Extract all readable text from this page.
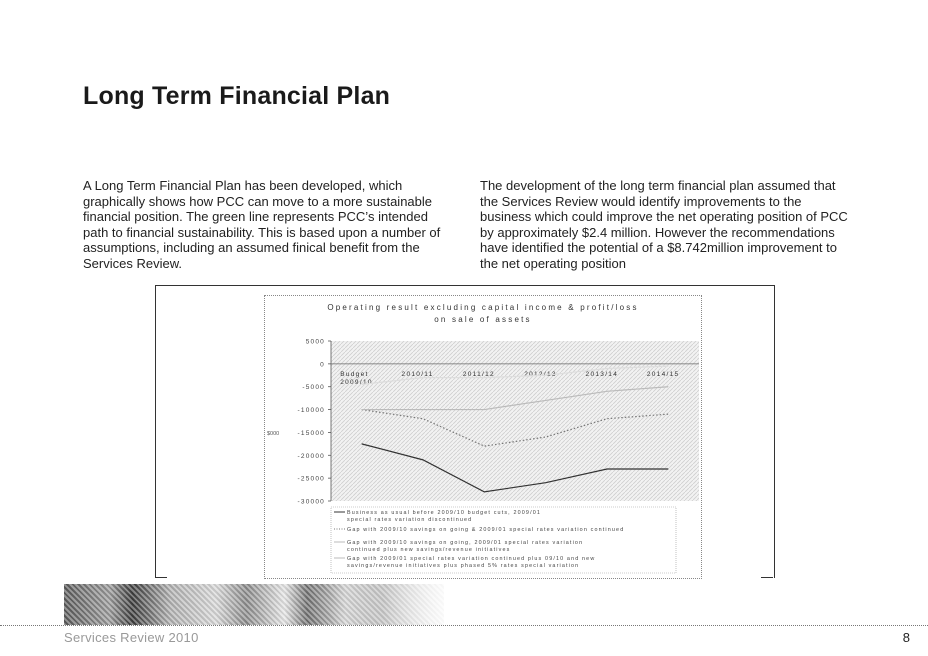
Long Term Financial Plan
A Long Term Financial Plan has been developed, which graphically shows how PCC can move to a more sustainable financial position. The green line represents PCC’s intended path to financial sustainability. This is based upon a number of assumptions, including an assumed finical benefit from the Services Review.
The development of the long term financial plan assumed that the Services Review would identify improvements to the business which could improve the net operating position of PCC by approximately $2.4 million. However the recommendations have identified the potential of a $8.742million improvement to the net operating position
Operating result excluding capital income & profit/loss
on sale of assets
5000
0
-5000
-10000
-15000
-20000
-25000
-30000
$000
Budget 2009/10
2010/11	2011/12	2012/13	2013/14	2014/15
Business as usual before 2009/10 budget cuts, 2009/01 special rates variation discontinued
Gap with 2009/10 savings on going & 2009/01 special rates variation continued
Gap with 2009/10 savings on going, 2009/01 special rates variation continued plus new savings/revenue initiatives
Gap with 2009/01 special rates variation continued plus 09/10 and new savings/revenue initiatives plus phased 5% rates special variation
Services Review 2010	8
